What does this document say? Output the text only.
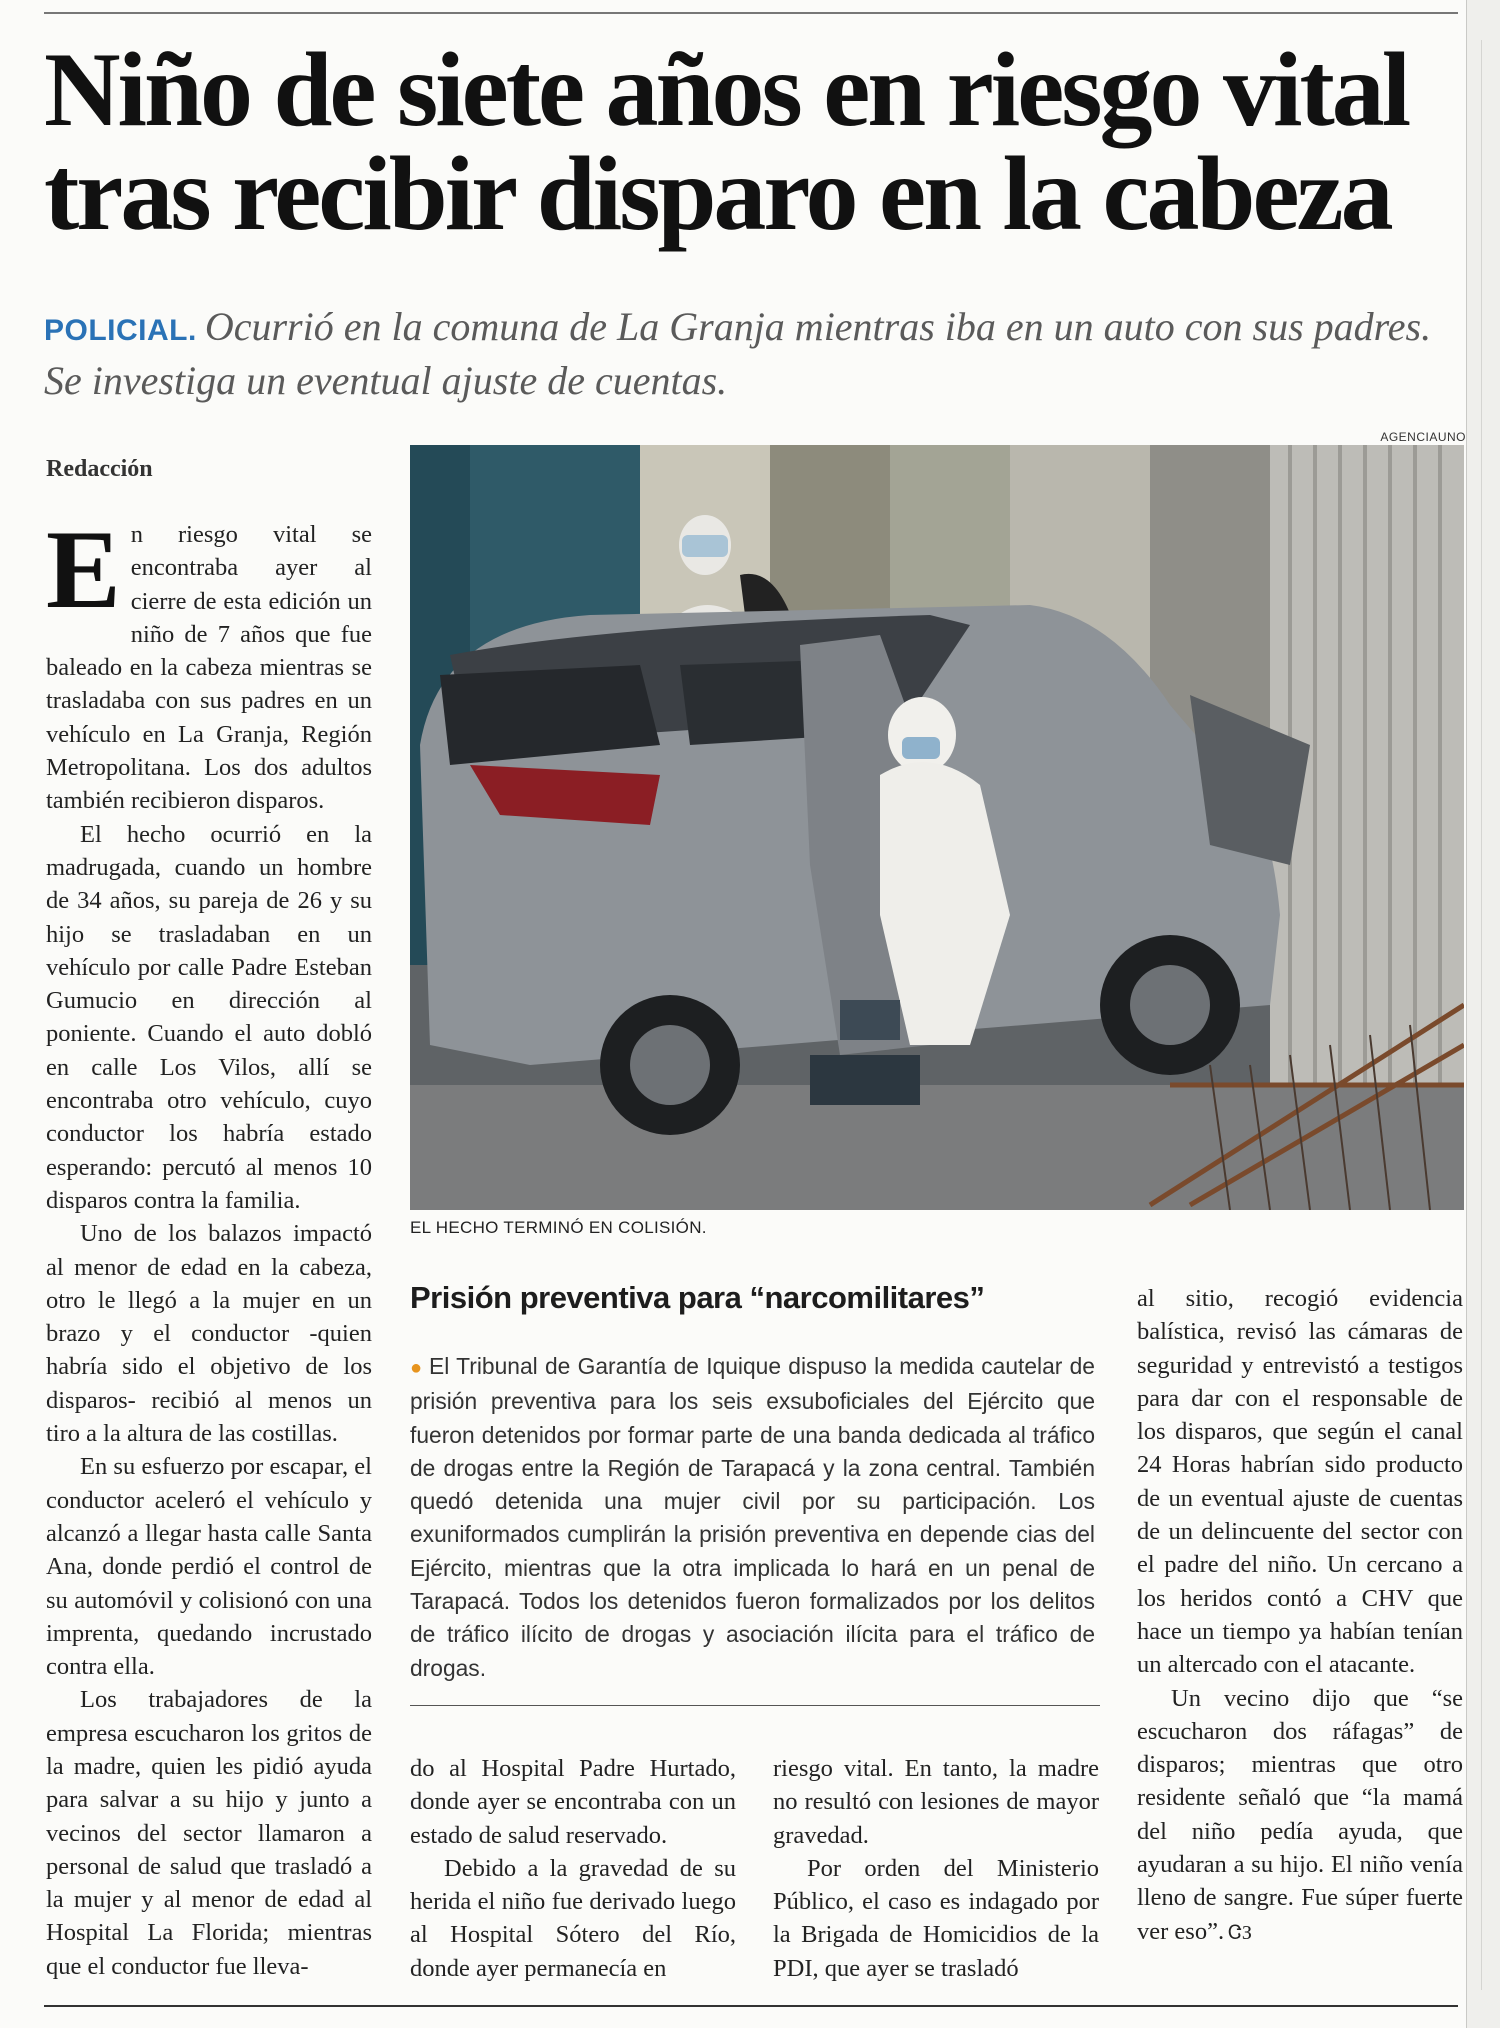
Niño de siete años en riesgo vital
tras recibir disparo en la cabeza
POLICIAL. Ocurrió en la comuna de La Granja mientras iba en un auto con sus padres. Se investiga un eventual ajuste de cuentas.
AGENCIAUNO
Redacción
E n riesgo vital se encontraba ayer al cierre de esta edición un niño de 7 años que fue baleado en la cabeza mientras se trasladaba con sus padres en un vehículo en La Granja, Región Metropolitana. Los dos adultos también recibieron disparos.

El hecho ocurrió en la madrugada, cuando un hombre de 34 años, su pareja de 26 y su hijo se trasladaban en un vehículo por calle Padre Esteban Gumucio en dirección al poniente. Cuando el auto dobló en calle Los Vilos, allí se encontraba otro vehículo, cuyo conductor los habría estado esperando: percutó al menos 10 disparos contra la familia.

Uno de los balazos impactó al menor de edad en la cabeza, otro le llegó a la mujer en un brazo y el conductor -quien habría sido el objetivo de los disparos- recibió al menos un tiro a la altura de las costillas.

En su esfuerzo por escapar, el conductor aceleró el vehículo y alcanzó a llegar hasta calle Santa Ana, donde perdió el control de su automóvil y colisionó con una imprenta, quedando incrustado contra ella.

Los trabajadores de la empresa escucharon los gritos de la madre, quien les pidió ayuda para salvar a su hijo y junto a vecinos del sector llamaron a personal de salud que trasladó a la mujer y al menor de edad al Hospital La Florida; mientras que el conductor fue lleva-

EL HECHO TERMINÓ EN COLISIÓN.
Prisión preventiva para “narcomilitares”
● El Tribunal de Garantía de Iquique dispuso la medida cautelar de prisión preventiva para los seis exsuboficiales del Ejército que fueron detenidos por formar parte de una banda dedicada al tráfico de drogas entre la Región de Tarapacá y la zona central. También quedó detenida una mujer civil por su participación. Los exuniformados cumplirán la prisión preventiva en depende cias del Ejército, mientras que la otra implicada lo hará en un penal de Tarapacá. Todos los detenidos fueron formalizados por los delitos de tráfico ilícito de drogas y asociación ilícita para el tráfico de drogas.

do al Hospital Padre Hurtado, donde ayer se encontraba con un estado de salud reservado.

Debido a la gravedad de su herida el niño fue derivado luego al Hospital Sótero del Río, donde ayer permanecía en

riesgo vital. En tanto, la madre no resultó con lesiones de mayor gravedad.

Por orden del Ministerio Público, el caso es indagado por la Brigada de Homicidios de la PDI, que ayer se trasladó

al sitio, recogió evidencia balística, revisó las cámaras de seguridad y entrevistó a testigos para dar con el responsable de los disparos, que según el canal 24 Horas habrían sido producto de un eventual ajuste de cuentas de un delincuente del sector con el padre del niño. Un cercano a los heridos contó a CHV que hace un tiempo ya habían tenían un altercado con el atacante.

Un vecino dijo que “se escucharon dos ráfagas” de disparos; mientras que otro residente señaló que “la mamá del niño pedía ayuda, que ayudaran a su hijo. El niño venía lleno de sangre. Fue súper fuerte ver eso”. ᏣЗ
